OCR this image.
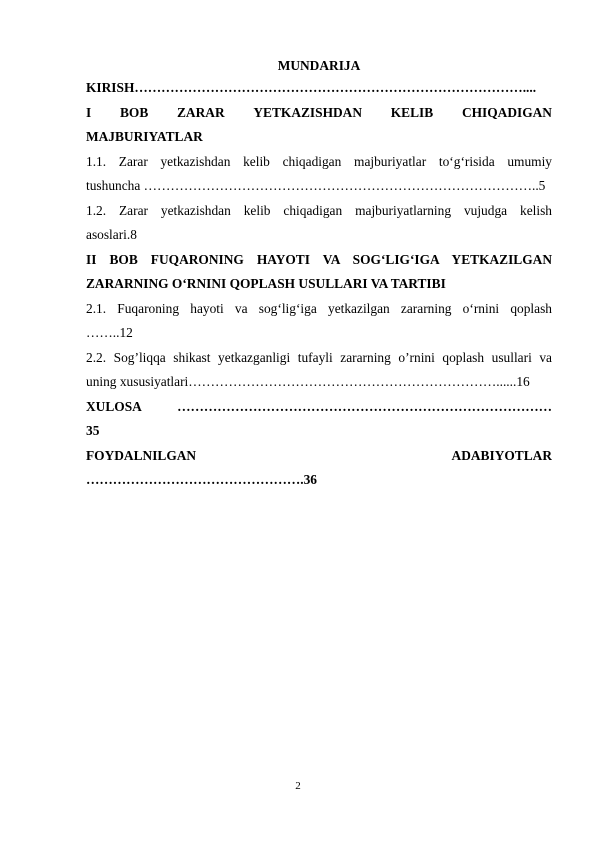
MUNDARIJA
KIRISH……………………………………………………………………………....
I BOB ZARAR YETKAZISHDAN KELIB CHIQADIGAN
MAJBURIYATLAR
1.1. Zarar yetkazishdan kelib chiqadigan majburiyatlar to‘g‘risida umumiy
tushuncha ……………………………………………………………………………..5
1.2. Zarar yetkazishdan kelib chiqadigan majburiyatlarning vujudga kelish
asoslari.8
II BOB FUQARONING HAYOTI VA SOG‘LIG‘IGA YETKAZILGAN
ZARARNING O‘RNINI QOPLASH USULLARI VA TARTIBI
2.1. Fuqaroning hayoti va sog‘lig‘iga yetkazilgan zararning o‘rnini qoplash
……..12
2.2. Sog’liqqa shikast yetkazganligi tufayli zararning o’rnini qoplash usullari va
uning xususiyatlari……………………………………………………………......16
XULOSA	…………………………………………………………………………
35
FOYDALNILGAN	ADABIYOTLAR
………………………………………….36
2
